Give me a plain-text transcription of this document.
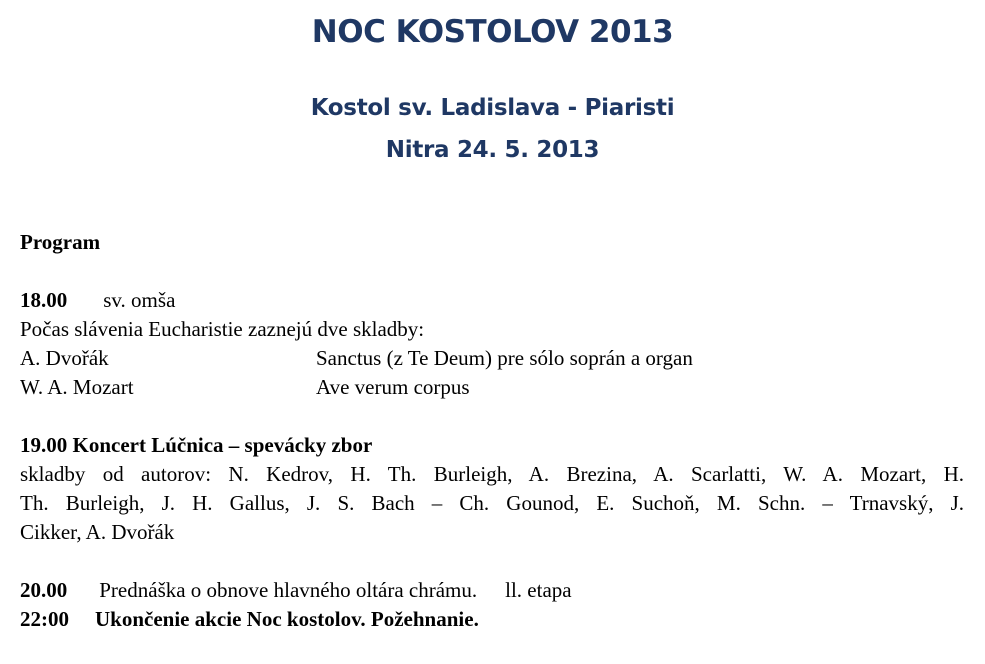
NOC KOSTOLOV 2013
Kostol sv. Ladislava - Piaristi
Nitra 24. 5. 2013
Program
18.00 sv. omša
Počas slávenia Eucharistie zaznejú dve skladby:
A. Dvořák	Sanctus (z Te Deum) pre sólo soprán a organ
W. A. Mozart	Ave verum corpus
19.00 Koncert Lúčnica – spevácky zbor
skladby od autorov: N. Kedrov, H. Th. Burleigh, A. Brezina, A. Scarlatti, W. A. Mozart, H.
Th. Burleigh, J. H. Gallus, J. S. Bach – Ch. Gounod, E. Suchoň, M. Schn. – Trnavský, J.
Cikker, A. Dvořák
20.00 Prednáška o obnove hlavného oltára chrámu. ll. etapa
22:00 Ukončenie akcie Noc kostolov. Požehnanie.
